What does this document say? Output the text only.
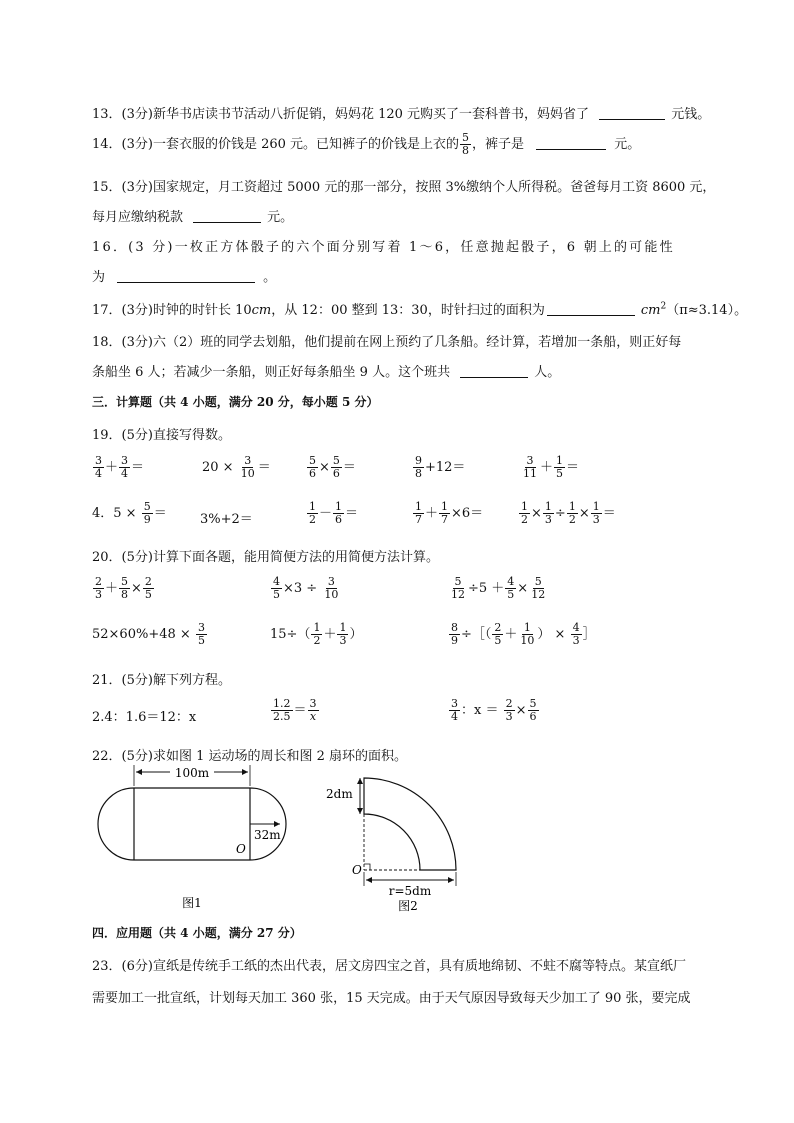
13．(3分)新华书店读书节活动八折促销，妈妈花 120 元购买了一套科普书，妈妈省了	元钱。
14．(3分)一套衣服的价钱是 260 元。已知裤子的价钱是上衣的 $\frac{5}{8}$ ，裤子是	元。
15．(3分)国家规定，月工资超过 5000 元的那一部分，按照 3%缴纳个人所得税。爸爸每月工资 8600 元，
每月应缴纳税款	元。
16．(3 分)一枚正方体骰子的六个面分别写着 1～6，任意抛起骰子，6 朝上的可能性
为	。
17．(3分)时钟的时针长 10cm，从 12：00 整到 13：30，时针扫过的面积为	$cm^2(\pi\approx 3.14)$。
18．(3分)六（2）班的同学去划船，他们提前在网上预约了几条船。经计算，若增加一条船，则正好每
条船坐 6 人；若减少一条船，则正好每条船坐 9 人。这个班共	人。
三．计算题（共 4 小题，满分 20 分，每小题 5 分）
19．(5分)直接写得数。
$\frac{3}{4} + \frac{3}{4}$ ＝	$20 \times \frac{3}{10}$ ＝	$\frac{5}{6} \times \frac{5}{6}$ ＝	$\frac{9}{8} +12=$	$\frac{3}{11} + \frac{1}{5}$ ＝
4．$5 \times \frac{5}{9}$ ＝	3%+2＝	$\frac{1}{2} - \frac{1}{6}$ ＝	$\frac{1}{7} + \frac{1}{7} \times 6=$	$\frac{1}{2} \times \frac{1}{3} \div \frac{1}{2} \times \frac{1}{3}$ ＝
20．(5分)计算下面各题，能用简便方法的用简便方法计算。
$\frac{2}{3} + \frac{5}{8} \times \frac{2}{5}$	$\frac{4}{5} \times 3 \div \frac{3}{10}$	$\frac{5}{12} \div 5 + \frac{4}{5} \times \frac{5}{12}$
$52\times 60\%+48 \times \frac{3}{5}$	$15\div( \frac{1}{2} + \frac{1}{3}$ ）	$\frac{8}{9}$ ÷［（ $\frac{2}{5} + \frac{1}{10}$ ） × $\frac{4}{3}$ ］
21．(5分)解下列方程。
2.4：1.6＝12：x	$\frac{1.2}{2.5} = \frac{3}{x}$	$\frac{3}{4}$ ：$x = \frac{2}{3} \times \frac{5}{6}$
22．(5分)求如图 1 运动场的周长和图 2 扇环的面积。
100m
32m
O
图1
2dm
O
r=5dm
图2
四．应用题（共 4 小题，满分 27 分）
23．(6分)宣纸是传统手工纸的杰出代表，居文房四宝之首，具有质地绵韧、不蛀不腐等特点。某宣纸厂
需要加工一批宣纸，计划每天加工 360 张，15 天完成。由于天气原因导致每天少加工了 90 张，要完成
